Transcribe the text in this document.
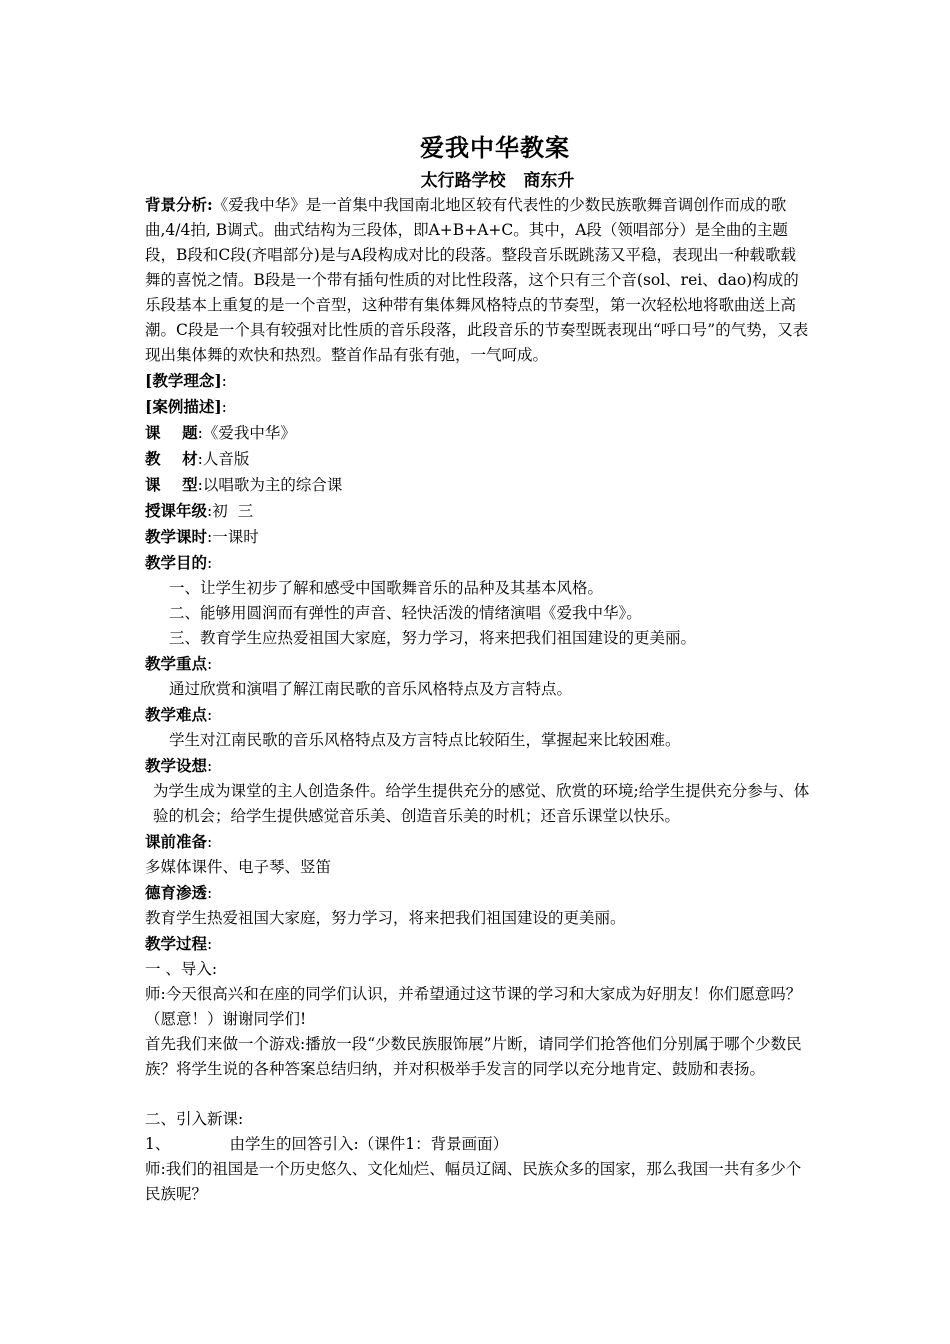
爱我中华教案
太行路学校   商东升

背景分析:《爱我中华》是一首集中我国南北地区较有代表性的少数民族歌舞音调创作而成的歌曲,4/4拍, B调式。曲式结构为三段体，即A+B+A+C。其中，A段（领唱部分）是全曲的主题段，B段和C段(齐唱部分)是与A段构成对比的段落。整段音乐既跳荡又平稳，表现出一种载歌载舞的喜悦之情。B段是一个带有插句性质的对比性段落，这个只有三个音(sol、rei、dao)构成的乐段基本上重复的是一个音型，这种带有集体舞风格特点的节奏型，第一次轻松地将歌曲送上高潮。C段是一个具有较强对比性质的音乐段落，此段音乐的节奏型既表现出“呼口号”的气势，又表现出集体舞的欢快和热烈。整首作品有张有弛，一气呵成。

[教学理念]:

[案例描述]:

课    题:《爱我中华》

教    材:人音版

课    型:以唱歌为主的综合课

授课年级:初  三

教学课时:一课时

教学目的:

一、让学生初步了解和感受中国歌舞音乐的品种及其基本风格。

二、能够用圆润而有弹性的声音、轻快活泼的情绪演唱《爱我中华》。

三、教育学生应热爱祖国大家庭，努力学习，将来把我们祖国建设的更美丽。

教学重点:

通过欣赏和演唱了解江南民歌的音乐风格特点及方言特点。

教学难点:

学生对江南民歌的音乐风格特点及方言特点比较陌生，掌握起来比较困难。

教学设想:

为学生成为课堂的主人创造条件。给学生提供充分的感觉、欣赏的环境;给学生提供充分参与、体验的机会；给学生提供感觉音乐美、创造音乐美的时机；还音乐课堂以快乐。

课前准备:

多媒体课件、电子琴、竖笛

德育渗透:

教育学生热爱祖国大家庭，努力学习，将来把我们祖国建设的更美丽。

教学过程:

一 、导入:

师:今天很高兴和在座的同学们认识，并希望通过这节课的学习和大家成为好朋友！你们愿意吗？（愿意！）谢谢同学们!

首先我们来做一个游戏:播放一段“少数民族服饰展”片断，请同学们抢答他们分别属于哪个少数民族？将学生说的各种答案总结归纳，并对积极举手发言的同学以充分地肯定、鼓励和表扬。

二、引入新课:

1、            由学生的回答引入:（课件1：背景画面）

师:我们的祖国是一个历史悠久、文化灿烂、幅员辽阔、民族众多的国家，那么我国一共有多少个民族呢？
